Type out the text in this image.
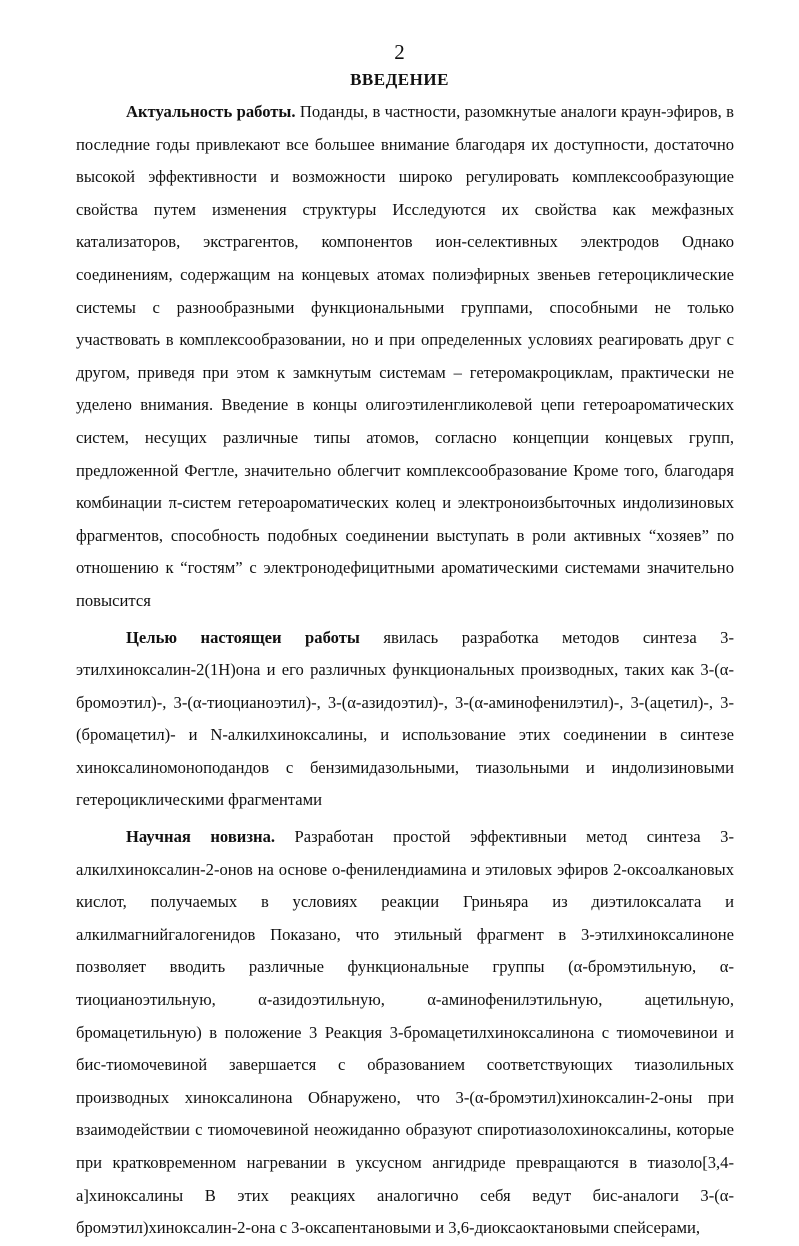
2
ВВЕДЕНИЕ

Актуальность работы. Поданды, в частности, разомкнутые аналоги краун-эфиров, в последние годы привлекают все большее внимание благодаря их доступности, достаточно высокой эффективности и возможности широко регулировать комплексообразующие свойства путем изменения структуры Исследуются их свойства как межфазных катализаторов, экстрагентов, компонентов ион-селективных электродов Однако соединениям, содержащим на концевых атомах полиэфирных звеньев гетероциклические системы с разнообразными функциональными группами, способными не только участвовать в комплексообразовании, но и при определенных условиях реагировать друг с другом, приведя при этом к замкнутым системам – гетеромакроциклам, практически не уделено внимания. Введение в концы олигоэтиленгликолевой цепи гетероароматических систем, несущих различные типы атомов, согласно концепции концевых групп, предложенной Фегтле, значительно облегчит комплексообразование Кроме того, благодаря комбинации π-систем гетероароматических колец и электроноизбыточных индолизиновых фрагментов, способность подобных соединении выступать в роли активных “хозяев” по отношению к “гостям” с электронодефицитными ароматическими системами значительно повысится

Целью настоящеи работы явилась разработка методов синтеза 3-этилхиноксалин-2(1Н)она и его различных функциональных производных, таких как 3-(α-бромоэтил)-, 3-(α-тиоцианоэтил)-, 3-(α-азидоэтил)-, 3-(α-аминофенилэтил)-, 3-(ацетил)-, 3-(бромацетил)- и N-алкилхиноксалины, и использование этих соединении в синтезе хиноксалиномоноподандов с бензимидазольными, тиазольными и индолизиновыми гетероциклическими фрагментами

Научная новизна. Разработан простой эффективныи метод синтеза 3-алкилхиноксалин-2-онов на основе о-фенилендиамина и этиловых эфиров 2-оксоалкановых кислот, получаемых в условиях реакции Гриньяра из диэтилоксалата и алкилмагнийгалогенидов Показано, что этильный фрагмент в 3-этилхиноксалиноне позволяет вводить различные функциональные группы (α-бромэтильную, α-тиоцианоэтильную, α-азидоэтильную, α-аминофенилэтильную, ацетильную, бромацетильную) в положение 3 Реакция 3-бромацетилхиноксалинона с тиомочевинои и бис-тиомочевиной завершается с образованием соответствующих тиазолильных производных хиноксалинона Обнаружено, что 3-(α-бромэтил)хиноксалин-2-оны при взаимодействии с тиомочевиной неожиданно образуют спиротиазолохиноксалины, которые при кратковременном нагревании в уксусном ангидриде превращаются в тиазоло[3,4-а]хиноксалины В этих реакциях аналогично себя ведут бис-аналоги 3-(α-бромэтил)хиноксалин-2-она с 3-оксапентановыми и 3,6-диоксаоктановыми спейсерами,
